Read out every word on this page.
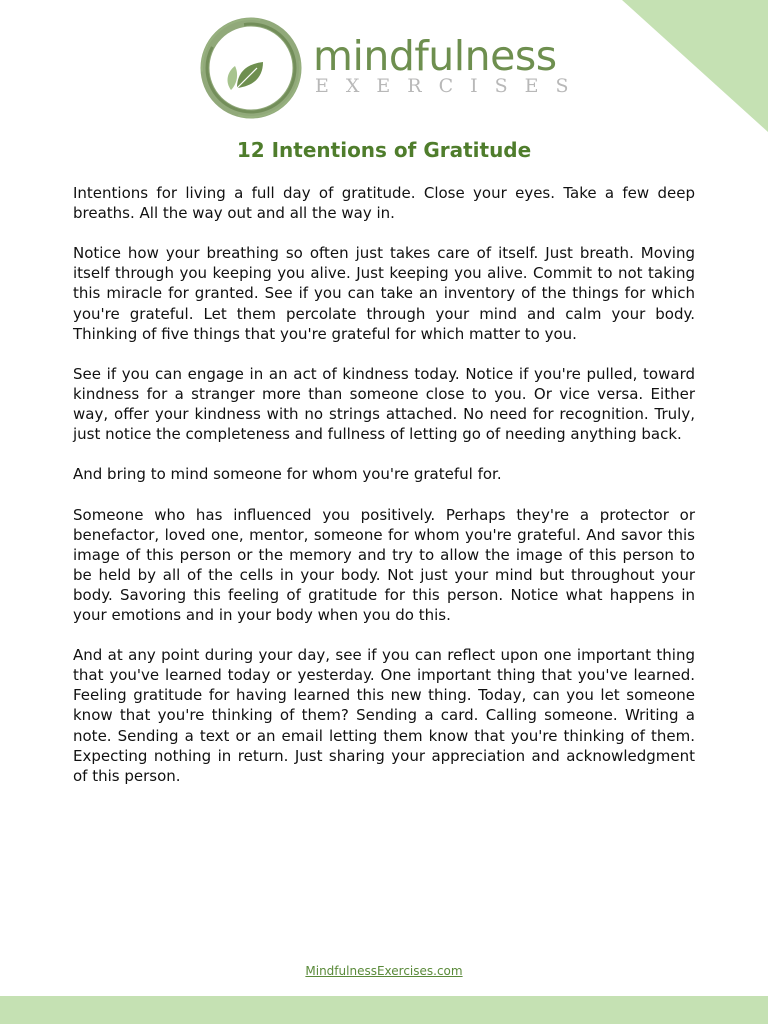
mindfulness
EXERCISES
12 Intentions of Gratitude

Intentions for living a full day of gratitude. Close your eyes. Take a few deep breaths. All the way out and all the way in.

Notice how your breathing so often just takes care of itself. Just breath. Moving itself through you keeping you alive. Just keeping you alive. Commit to not taking this miracle for granted. See if you can take an inventory of the things for which you're grateful. Let them percolate through your mind and calm your body. Thinking of five things that you're grateful for which matter to you.

See if you can engage in an act of kindness today. Notice if you're pulled, toward kindness for a stranger more than someone close to you. Or vice versa. Either way, offer your kindness with no strings attached. No need for recognition. Truly, just notice the completeness and fullness of letting go of needing anything back.

And bring to mind someone for whom you're grateful for.

Someone who has influenced you positively. Perhaps they're a protector or benefactor, loved one, mentor, someone for whom you're grateful. And savor this image of this person or the memory and try to allow the image of this person to be held by all of the cells in your body. Not just your mind but throughout your body. Savoring this feeling of gratitude for this person. Notice what happens in your emotions and in your body when you do this.

And at any point during your day, see if you can reflect upon one important thing that you've learned today or yesterday. One important thing that you've learned. Feeling gratitude for having learned this new thing. Today, can you let someone know that you're thinking of them? Sending a card. Calling someone. Writing a note. Sending a text or an email letting them know that you're thinking of them. Expecting nothing in return. Just sharing your appreciation and acknowledgment of this person.

MindfulnessExercises.com
